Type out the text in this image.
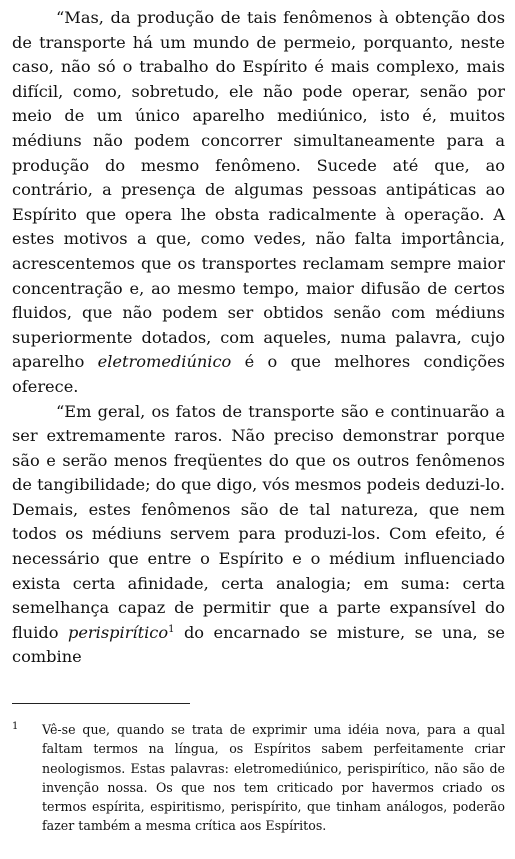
“Mas, da produção de tais fenômenos à obtenção dos de transporte há um mundo de permeio, porquanto, neste caso, não só o trabalho do Espírito é mais complexo, mais difícil, como, sobretudo, ele não pode operar, senão por meio de um único aparelho mediúnico, isto é, muitos médiuns não podem concorrer simultaneamente para a produção do mesmo fenômeno. Sucede até que, ao contrário, a presença de algumas pessoas antipáticas ao Espírito que opera lhe obsta radicalmente à operação. A estes motivos a que, como vedes, não falta importância, acrescentemos que os transportes reclamam sempre maior concentração e, ao mesmo tempo, maior difusão de certos fluidos, que não podem ser obtidos senão com médiuns superiormente dotados, com aqueles, numa palavra, cujo aparelho eletromediúnico é o que melhores condições oferece.

“Em geral, os fatos de transporte são e continuarão a ser extremamente raros. Não preciso demonstrar porque são e serão menos freqüentes do que os outros fenômenos de tangibilidade; do que digo, vós mesmos podeis deduzi-lo. Demais, estes fenômenos são de tal natureza, que nem todos os médiuns servem para produzi-los. Com efeito, é necessário que entre o Espírito e o médium influenciado exista certa afinidade, certa analogia; em suma: certa semelhança capaz de permitir que a parte expansível do fluido perispirítico$^1$ do encarnado se misture, se una, se combine

1	Vê-se que, quando se trata de exprimir uma idéia nova, para a qual faltam termos na língua, os Espíritos sabem perfeitamente criar neologismos. Estas palavras: eletromediúnico, perispirítico, não são de invenção nossa. Os que nos tem criticado por havermos criado os termos espírita, espiritismo, perispírito, que tinham análogos, poderão fazer também a mesma crítica aos Espíritos.
